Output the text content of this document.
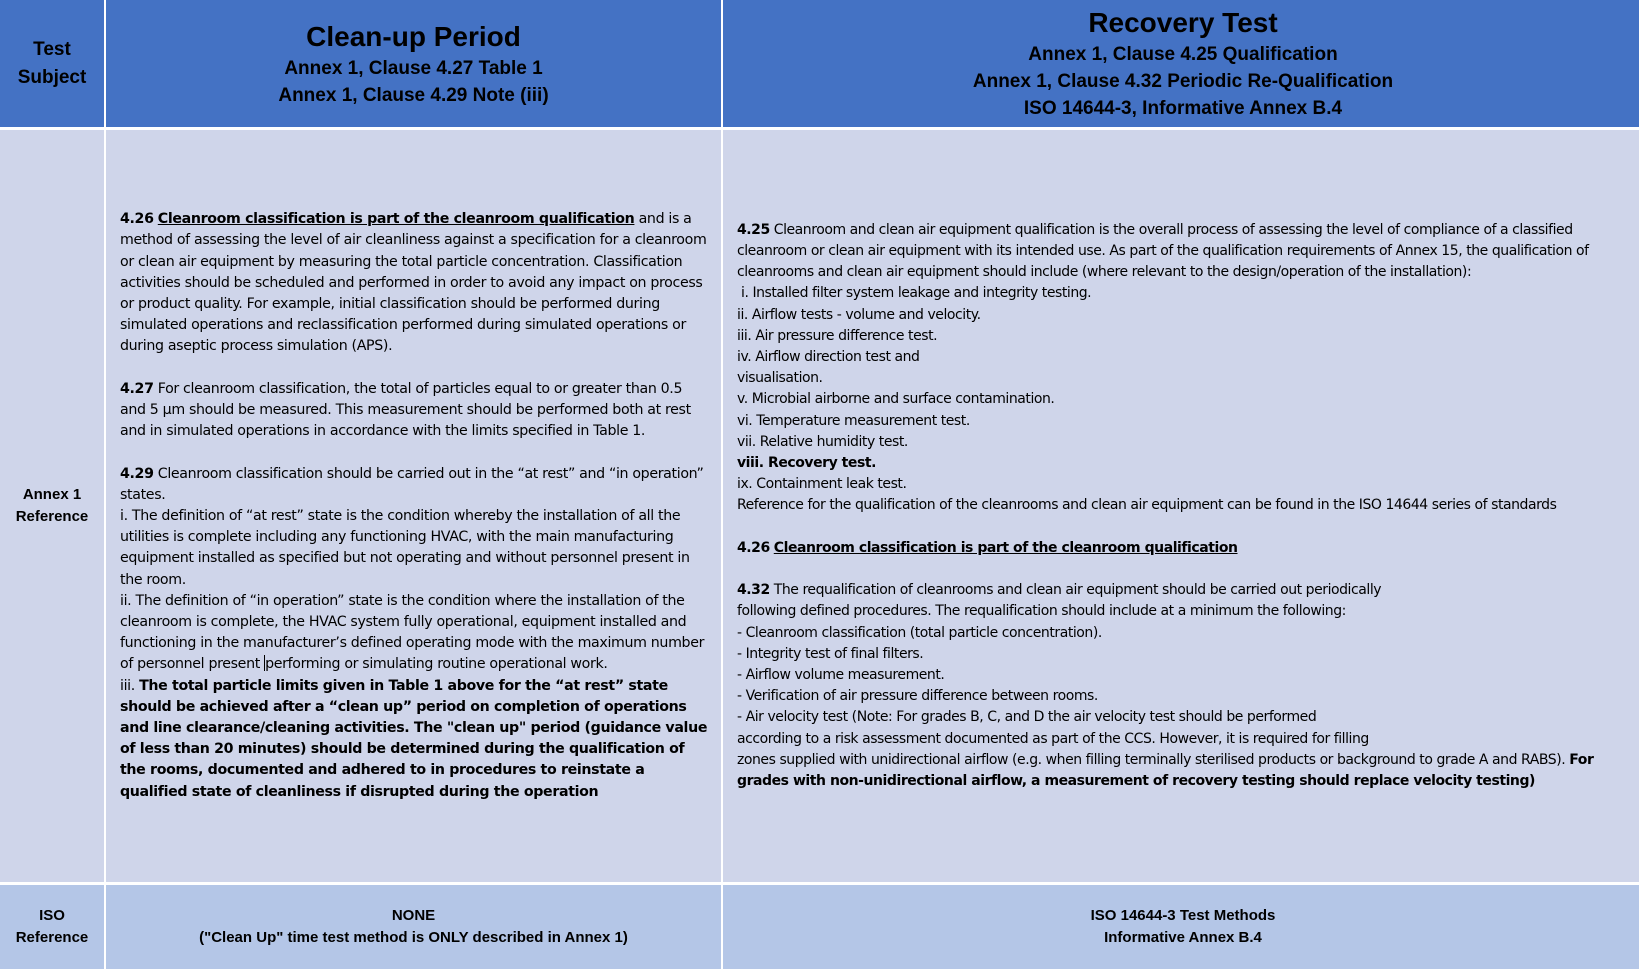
Test
Subject
Clean-up Period
Annex 1, Clause 4.27 Table 1
Annex 1, Clause 4.29 Note (iii)
Recovery Test
Annex 1, Clause 4.25 Qualification
Annex 1, Clause 4.32 Periodic Re-Qualification
ISO 14644-3, Informative Annex B.4
Annex 1
Reference

4.26 Cleanroom classification is part of the cleanroom qualification and is a method of assessing the level of air cleanliness against a specification for a cleanroom or clean air equipment by measuring the total particle concentration. Classification activities should be scheduled and performed in order to avoid any impact on process or product quality. For example, initial classification should be performed during simulated operations and reclassification performed during simulated operations or during aseptic process simulation (APS).

4.27 For cleanroom classification, the total of particles equal to or greater than 0.5 and 5 µm should be measured. This measurement should be performed both at rest and in simulated operations in accordance with the limits specified in Table 1.

4.29 Cleanroom classification should be carried out in the “at rest” and “in operation” states.

i. The definition of “at rest” state is the condition whereby the installation of all the utilities is complete including any functioning HVAC, with the main manufacturing equipment installed as specified but not operating and without personnel present in the room.

ii. The definition of “in operation” state is the condition where the installation of the cleanroom is complete, the HVAC system fully operational, equipment installed and functioning in the manufacturer’s defined operating mode with the maximum number of personnel present performing or simulating routine operational work.

iii. The total particle limits given in Table 1 above for the “at rest” state should be achieved after a “clean up” period on completion of operations and line clearance/cleaning activities. The "clean up" period (guidance value of less than 20 minutes) should be determined during the qualification of the rooms, documented and adhered to in procedures to reinstate a qualified state of cleanliness if disrupted during the operation

4.25 Cleanroom and clean air equipment qualification is the overall process of assessing the level of compliance of a classified cleanroom or clean air equipment with its intended use. As part of the qualification requirements of Annex 15, the qualification of cleanrooms and clean air equipment should include (where relevant to the design/operation of the installation):

i. Installed filter system leakage and integrity testing.

ii. Airflow tests - volume and velocity.

iii. Air pressure difference test.

iv. Airflow direction test and

visualisation.

v. Microbial airborne and surface contamination.

vi. Temperature measurement test.

vii. Relative humidity test.

viii. Recovery test.

ix. Containment leak test.

Reference for the qualification of the cleanrooms and clean air equipment can be found in the ISO 14644 series of standards

4.26 Cleanroom classification is part of the cleanroom qualification

4.32 The requalification of cleanrooms and clean air equipment should be carried out periodically

following defined procedures. The requalification should include at a minimum the following:

- Cleanroom classification (total particle concentration).

- Integrity test of final filters.

- Airflow volume measurement.

- Verification of air pressure difference between rooms.

- Air velocity test (Note: For grades B, C, and D the air velocity test should be performed

according to a risk assessment documented as part of the CCS. However, it is required for filling

zones supplied with unidirectional airflow (e.g. when filling terminally sterilised products or background to grade A and RABS). For grades with non-unidirectional airflow, a measurement of recovery testing should replace velocity testing)

ISO
Reference
NONE
("Clean Up" time test method is ONLY described in Annex 1)
ISO 14644-3 Test Methods
Informative Annex B.4
